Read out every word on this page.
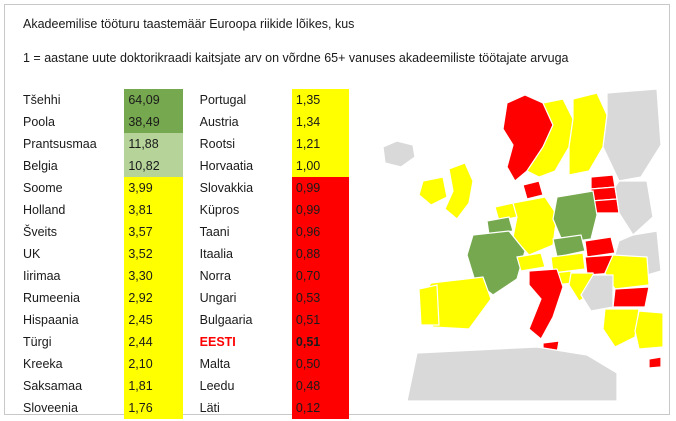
Akadeemilise tööturu taastemäär Euroopa riikide lõikes, kus
1 = aastane uute doktorikraadi kaitsjate arv on võrdne 65+ vanuses akadeemiliste töötajate arvuga
Tšehhi	64,09		Portugal	1,35
Poola	38,49		Austria	1,34
Prantsusmaa	11,88		Rootsi	1,21
Belgia	10,82		Horvaatia	1,00
Soome	3,99		Slovakkia	0,99
Holland	3,81		Küpros	0,99
Šveits	3,57		Taani	0,96
UK	3,52		Itaalia	0,88
Iirimaa	3,30		Norra	0,70
Rumeenia	2,92		Ungari	0,53
Hispaania	2,45		Bulgaaria	0,51
Türgi	2,44		EESTI	0,51
Kreeka	2,10		Malta	0,50
Saksamaa	1,81		Leedu	0,48
Sloveenia	1,76		Läti	0,12
